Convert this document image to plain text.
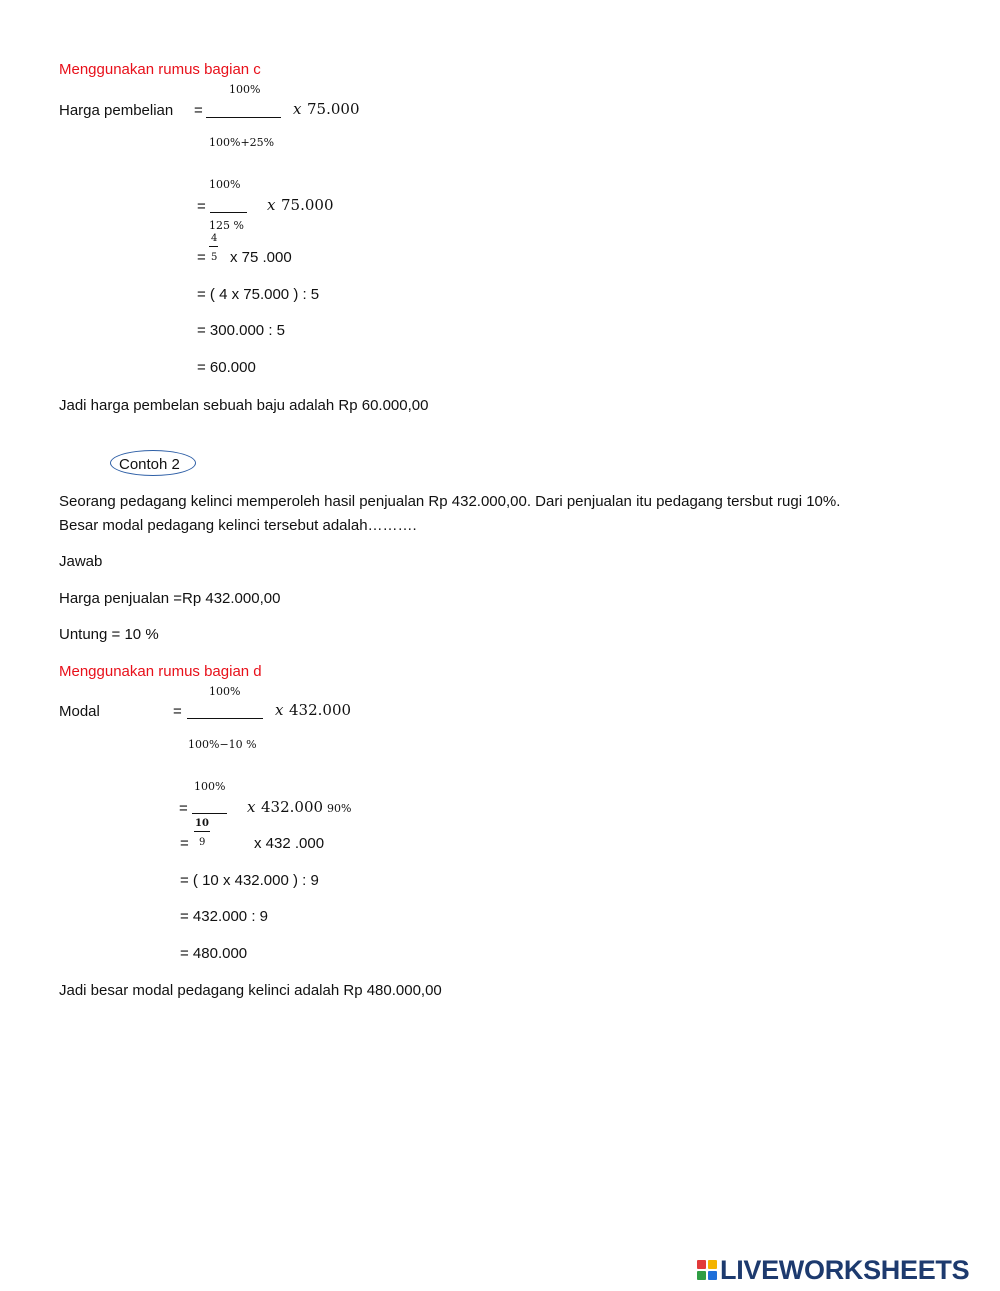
Menggunakan rumus bagian c
100%
Harga pembelian =	x 75.000
100%+25%
100%
=	x 75.000
125 %
4
= 5 x 75 .000
= ( 4 x 75.000 ) : 5
= 300.000 : 5
= 60.000
Jadi harga pembelan sebuah baju adalah Rp 60.000,00
Contoh 2
Seorang pedagang kelinci memperoleh hasil penjualan Rp 432.000,00. Dari penjualan itu pedagang tersbut rugi 10%.
Besar modal pedagang kelinci tersebut adalah……….
Jawab
Harga penjualan =Rp 432.000,00
Untung = 10 %
Menggunakan rumus bagian d
100%
Modal	=	x 432.000
100%−10 %
100%
=	x 432.000 90%
10
= 9	x 432 .000
= ( 10 x 432.000 ) : 9
= 432.000 : 9
= 480.000
Jadi besar modal pedagang kelinci adalah Rp 480.000,00
LIVEWORKSHEETS
